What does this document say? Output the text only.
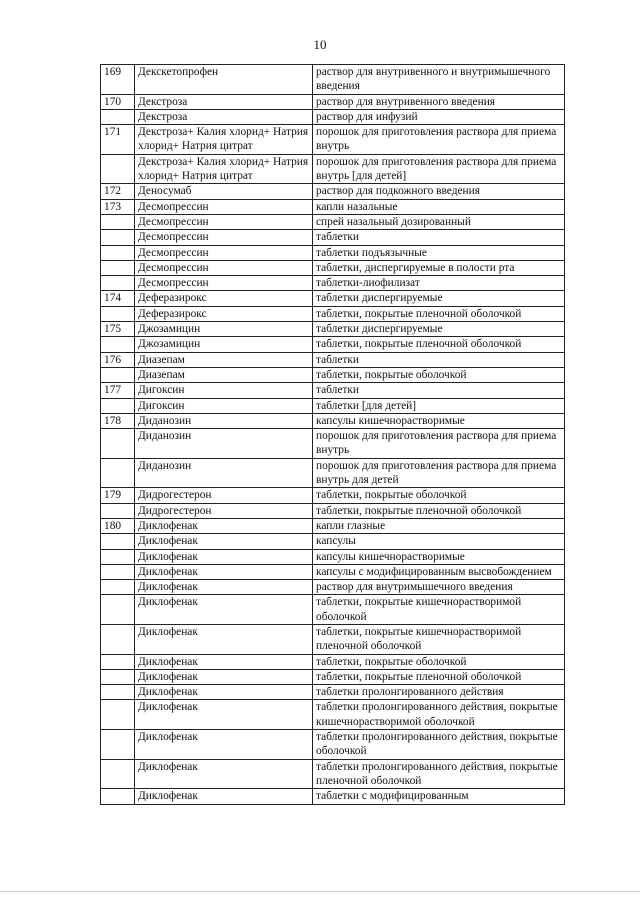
10
169	Декскетопрофен	раствор для внутривенного и внутримышечного введения
170	Декстроза	раствор для внутривенного введения
	Декстроза	раствор для инфузий
171	Декстроза+ Калия хлорид+ Натрия хлорид+ Натрия цитрат	порошок для приготовления раствора для приема внутрь
	Декстроза+ Калия хлорид+ Натрия хлорид+ Натрия цитрат	порошок для приготовления раствора для приема внутрь [для детей]
172	Деносумаб	раствор для подкожного введения
173	Десмопрессин	капли назальные
	Десмопрессин	спрей назальный дозированный
	Десмопрессин	таблетки
	Десмопрессин	таблетки подъязычные
	Десмопрессин	таблетки, диспергируемые в полости рта
	Десмопрессин	таблетки-лиофилизат
174	Деферазирокс	таблетки диспергируемые
	Деферазирокс	таблетки, покрытые пленочной оболочкой
175	Джозамицин	таблетки диспергируемые
	Джозамицин	таблетки, покрытые пленочной оболочкой
176	Диазепам	таблетки
	Диазепам	таблетки, покрытые оболочкой
177	Дигоксин	таблетки
	Дигоксин	таблетки [для детей]
178	Диданозин	капсулы кишечнорастворимые
	Диданозин	порошок для приготовления раствора для приема внутрь
	Диданозин	порошок для приготовления раствора для приема внутрь для детей
179	Дидрогестерон	таблетки, покрытые оболочкой
	Дидрогестерон	таблетки, покрытые пленочной оболочкой
180	Диклофенак	капли глазные
	Диклофенак	капсулы
	Диклофенак	капсулы кишечнорастворимые
	Диклофенак	капсулы с модифицированным высвобождением
	Диклофенак	раствор для внутримышечного введения
	Диклофенак	таблетки, покрытые кишечнорастворимой оболочкой
	Диклофенак	таблетки, покрытые кишечнорастворимой пленочной оболочкой
	Диклофенак	таблетки, покрытые оболочкой
	Диклофенак	таблетки, покрытые пленочной оболочкой
	Диклофенак	таблетки пролонгированного действия
	Диклофенак	таблетки пролонгированного действия, покрытые кишечнорастворимой оболочкой
	Диклофенак	таблетки пролонгированного действия, покрытые оболочкой
	Диклофенак	таблетки пролонгированного действия, покрытые пленочной оболочкой
	Диклофенак	таблетки с модифицированным
